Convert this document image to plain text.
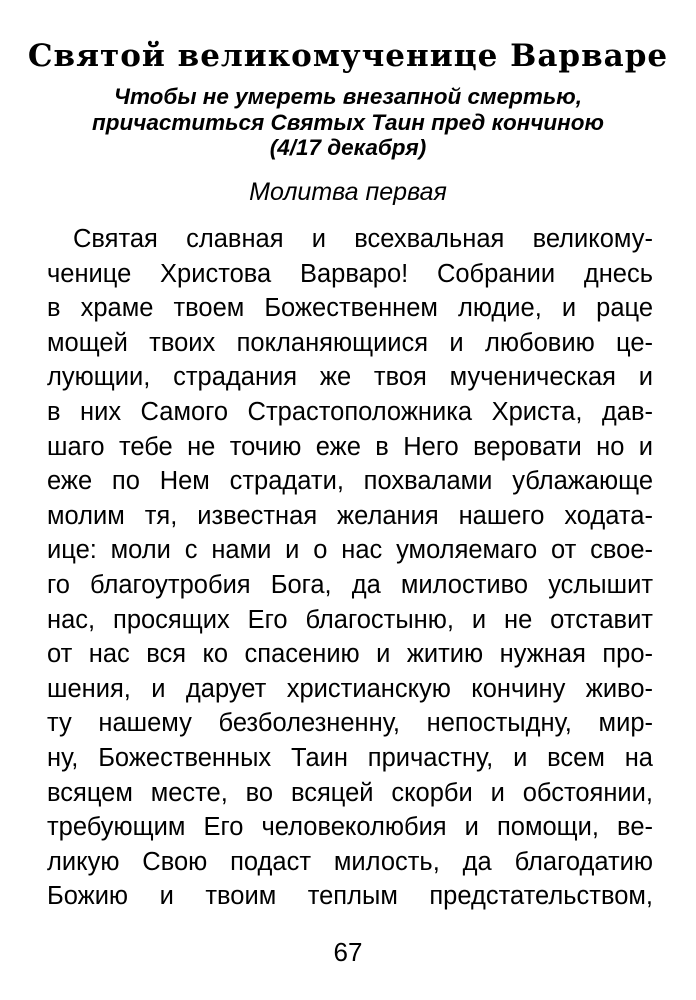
Святой великомученице Варваре
Чтобы не умереть внезапной смертью,
причаститься Святых Таин пред кончиною
(4/17 декабря)
Молитва первая
Святая славная и всехвальная великому-
ченице Христова Варваро! Собрании днесь
в храме твоем Божественнем людие, и раце
мощей твоих покланяющиися и любовию це-
лующии, страдания же твоя мученическая и
в них Самого Страстоположника Христа, дав-
шаго тебе не точию еже в Него веровати но и
еже по Нем страдати, похвалами ублажающе
молим тя, известная желания нашего ходата-
ице: моли с нами и о нас умоляемаго от свое-
го благоутробия Бога, да милостиво услышит
нас, просящих Его благостыню, и не отставит
от нас вся ко спасению и житию нужная про-
шения, и дарует христианскую кончину живо-
ту нашему безболезненну, непостыдну, мир-
ну, Божественных Таин причастну, и всем на
всяцем месте, во всяцей скорби и обстоянии,
требующим Его человеколюбия и помощи, ве-
ликую Свою подаст милость, да благодатию
Божию и твоим теплым предстательством,
67
